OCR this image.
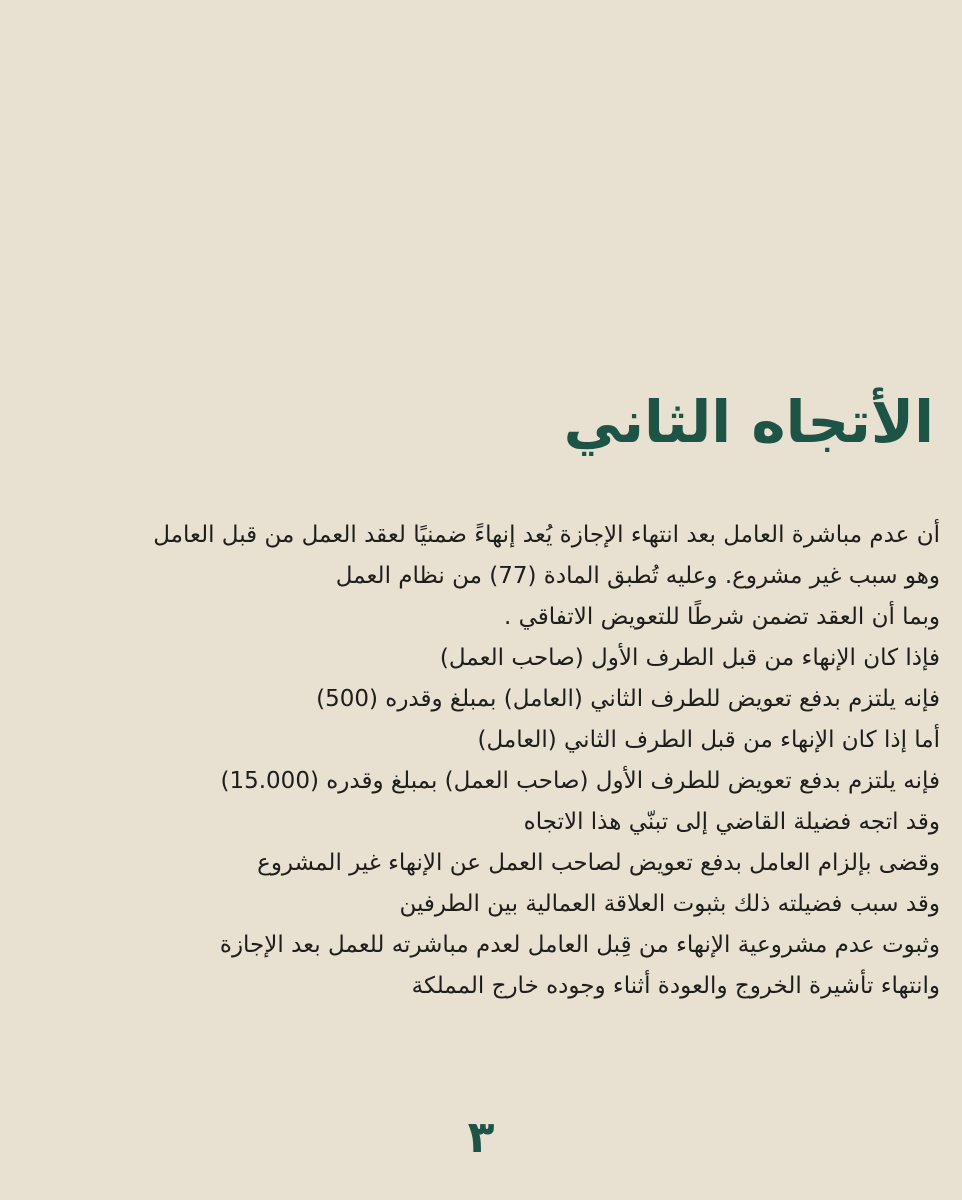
الأتجاه الثاني
أن عدم مباشرة العامل بعد انتهاء الإجازة يُعد إنهاءً ضمنيًا لعقد العمل من قبل العامل
وهو سبب غير مشروع. وعليه تُطبق المادة (77) من نظام العمل
وبما أن العقد تضمن شرطًا للتعويض الاتفاقي .
فإذا كان الإنهاء من قبل الطرف الأول (صاحب العمل)
فإنه يلتزم بدفع تعويض للطرف الثاني (العامل) بمبلغ وقدره (500)
أما إذا كان الإنهاء من قبل الطرف الثاني (العامل)
فإنه يلتزم بدفع تعويض للطرف الأول (صاحب العمل) بمبلغ وقدره (15.000)
وقد اتجه فضيلة القاضي إلى تبنّي هذا الاتجاه
وقضى بإلزام العامل بدفع تعويض لصاحب العمل عن الإنهاء غير المشروع
وقد سبب فضيلته ذلك بثبوت العلاقة العمالية بين الطرفين
وثبوت عدم مشروعية الإنهاء من قِبل العامل لعدم مباشرته للعمل بعد الإجازة
وانتهاء تأشيرة الخروج والعودة أثناء وجوده خارج المملكة
٣
